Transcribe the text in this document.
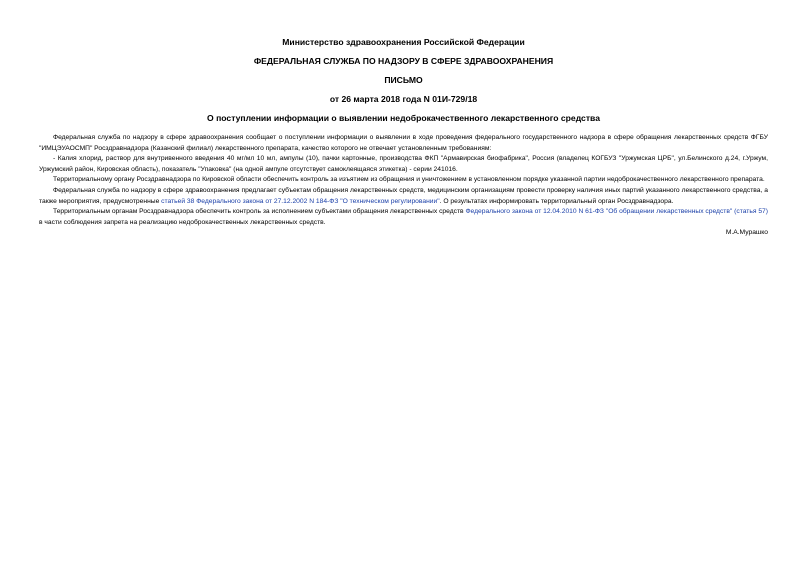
Министерство здравоохранения Российской Федерации
ФЕДЕРАЛЬНАЯ СЛУЖБА ПО НАДЗОРУ В СФЕРЕ ЗДРАВООХРАНЕНИЯ
ПИСЬМО
от 26 марта 2018 года N 01И-729/18
О поступлении информации о выявлении недоброкачественного лекарственного средства

Федеральная служба по надзору в сфере здравоохранения сообщает о поступлении информации о выявлении в ходе проведения федерального государственного надзора в сфере обращения лекарственных средств ФГБУ "ИМЦЭУАОСМП" Росздравнадзора (Казанский филиал) лекарственного препарата, качество которого не отвечает установленным требованиям:

- Калия хлорид, раствор для внутривенного введения 40 мг/мл 10 мл, ампулы (10), пачки картонные, производства ФКП "Армавирская биофабрика", Россия (владелец КОГБУЗ "Уржумская ЦРБ", ул.Белинского д.24, г.Уржум, Уржумский район, Кировская область), показатель "Упаковка" (на одной ампуле отсутствует самоклеящаяся этикетка) - серии 241016.

Территориальному органу Росздравнадзора по Кировской области обеспечить контроль за изъятием из обращения и уничтожением в установленном порядке указанной партии недоброкачественного лекарственного препарата.

Федеральная служба по надзору в сфере здравоохранения предлагает субъектам обращения лекарственных средств, медицинским организациям провести проверку наличия иных партий указанного лекарственного средства, а также мероприятия, предусмотренные статьей 38 Федерального закона от 27.12.2002 N 184-ФЗ "О техническом регулировании". О результатах информировать территориальный орган Росздравнадзора.

Территориальным органам Росздравнадзора обеспечить контроль за исполнением субъектами обращения лекарственных средств Федерального закона от 12.04.2010 N 61-ФЗ "Об обращении лекарственных средств" (статья 57) в части соблюдения запрета на реализацию недоброкачественных лекарственных средств.

М.А.Мурашко
